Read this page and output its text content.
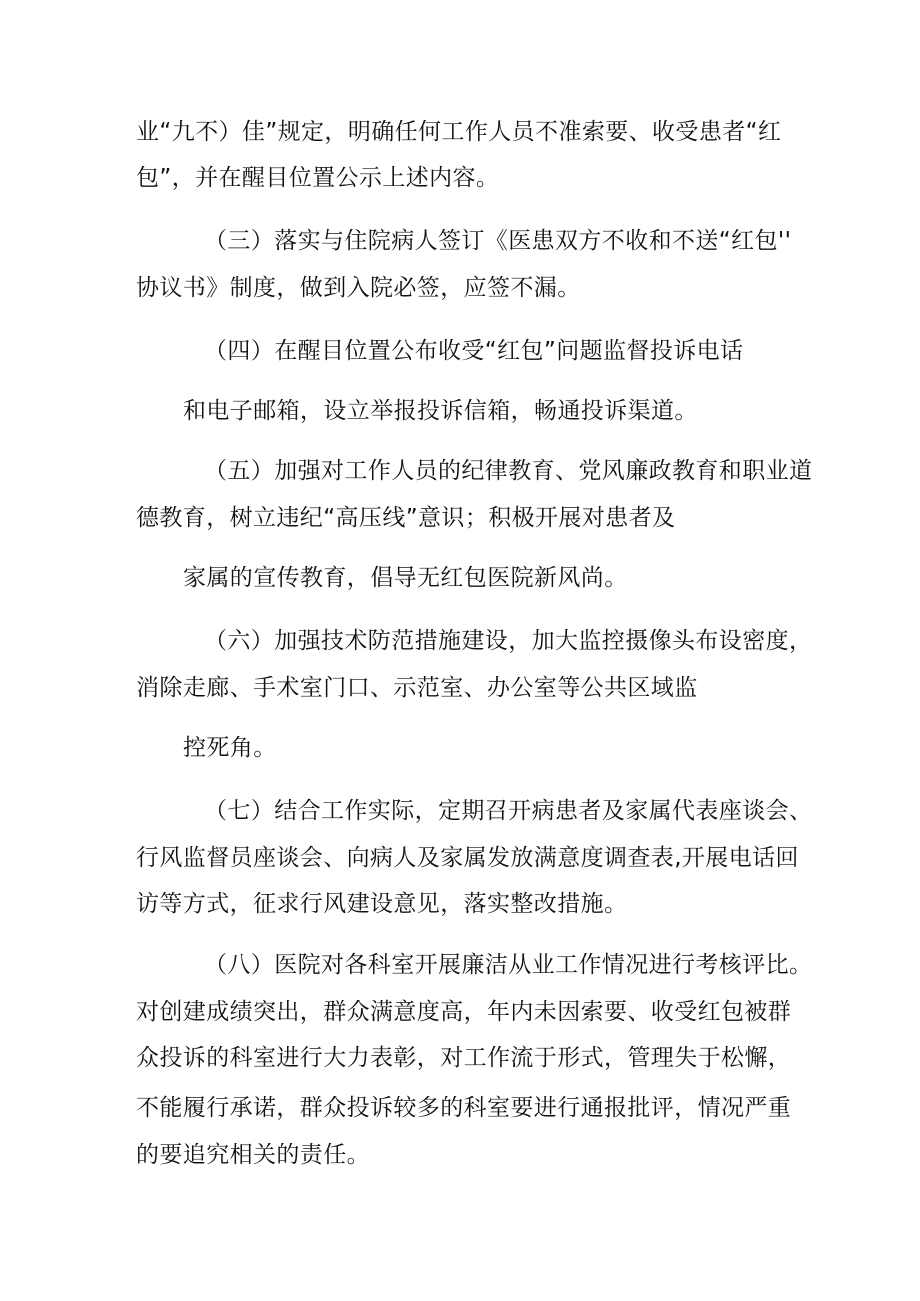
业“九不）佳”规定，明确任何工作人员不准索要、收受患者“红
包”，并在醒目位置公示上述内容。
（三）落实与住院病人签订《医患双方不收和不送“红包''
协议书》制度，做到入院必签，应签不漏。
（四）在醒目位置公布收受“红包”问题监督投诉电话
和电子邮箱，设立举报投诉信箱，畅通投诉渠道。
（五）加强对工作人员的纪律教育、党风廉政教育和职业道
德教育，树立违纪“高压线”意识；积极开展对患者及
家属的宣传教育，倡导无红包医院新风尚。
（六）加强技术防范措施建设，加大监控摄像头布设密度，
消除走廊、手术室门口、示范室、办公室等公共区域监
控死角。
（七）结合工作实际，定期召开病患者及家属代表座谈会、
行风监督员座谈会、向病人及家属发放满意度调查表,开展电话回
访等方式，征求行风建设意见，落实整改措施。
（八）医院对各科室开展廉洁从业工作情况进行考核评比。
对创建成绩突出，群众满意度高，年内未因索要、收受红包被群
众投诉的科室进行大力表彰，对工作流于形式，管理失于松懈，
不能履行承诺，群众投诉较多的科室要进行通报批评，情况严重
的要追究相关的责任。
